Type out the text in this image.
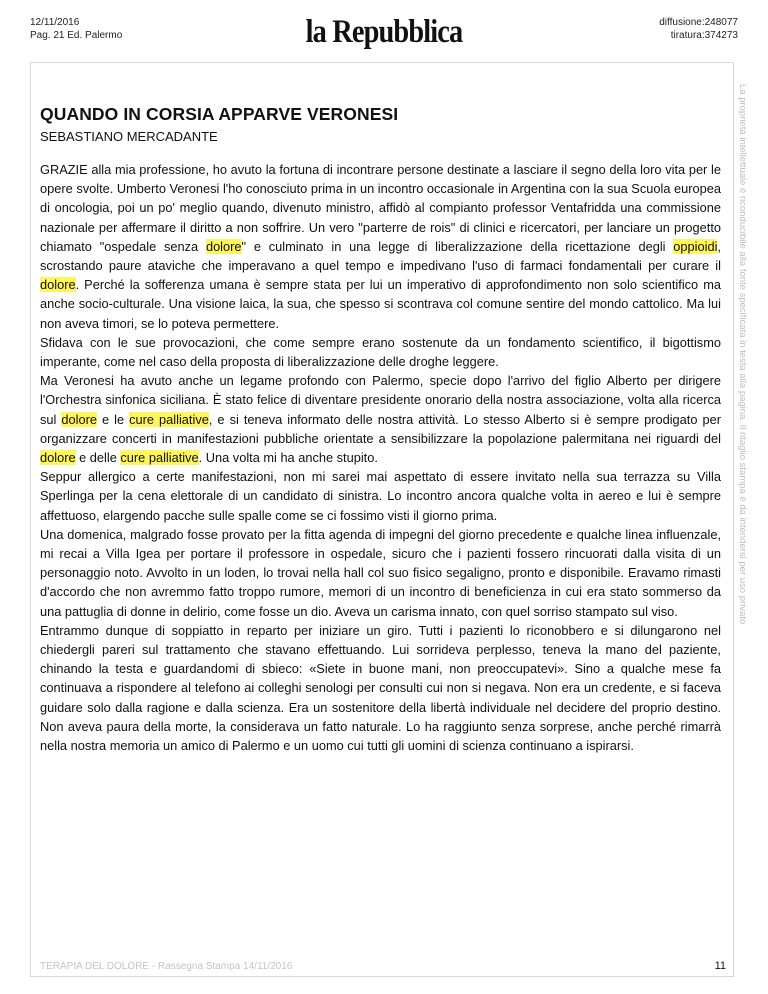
12/11/2016
Pag. 21 Ed. Palermo	la Repubblica	diffusione:248077
tiratura:374273
La proprietà intellettuale è riconducibile alla fonte specificata in testa alla pagina. Il ritaglio stampa è da intendersi per uso privato
QUANDO IN CORSIA APPARVE VERONESI
SEBASTIANO MERCADANTE

GRAZIE alla mia professione, ho avuto la fortuna di incontrare persone destinate a lasciare il segno della loro vita per le opere svolte. Umberto Veronesi l'ho conosciuto prima in un incontro occasionale in Argentina con la sua Scuola europea di oncologia, poi un po' meglio quando, divenuto ministro, affidò al compianto professor Ventafridda una commissione nazionale per affermare il diritto a non soffrire. Un vero "parterre de rois" di clinici e ricercatori, per lanciare un progetto chiamato "ospedale senza dolore" e culminato in una legge di liberalizzazione della ricettazione degli oppioidi, scrostando paure ataviche che imperavano a quel tempo e impedivano l'uso di farmaci fondamentali per curare il dolore. Perché la sofferenza umana è sempre stata per lui un imperativo di approfondimento non solo scientifico ma anche socio-culturale. Una visione laica, la sua, che spesso si scontrava col comune sentire del mondo cattolico. Ma lui non aveva timori, se lo poteva permettere.

Sfidava con le sue provocazioni, che come sempre erano sostenute da un fondamento scientifico, il bigottismo imperante, come nel caso della proposta di liberalizzazione delle droghe leggere.

Ma Veronesi ha avuto anche un legame profondo con Palermo, specie dopo l'arrivo del figlio Alberto per dirigere l'Orchestra sinfonica siciliana. È stato felice di diventare presidente onorario della nostra associazione, volta alla ricerca sul dolore e le cure palliative, e si teneva informato delle nostra attività. Lo stesso Alberto si è sempre prodigato per organizzare concerti in manifestazioni pubbliche orientate a sensibilizzare la popolazione palermitana nei riguardi del dolore e delle cure palliative. Una volta mi ha anche stupito.

Seppur allergico a certe manifestazioni, non mi sarei mai aspettato di essere invitato nella sua terrazza su Villa Sperlinga per la cena elettorale di un candidato di sinistra. Lo incontro ancora qualche volta in aereo e lui è sempre affettuoso, elargendo pacche sulle spalle come se ci fossimo visti il giorno prima.

Una domenica, malgrado fosse provato per la fitta agenda di impegni del giorno precedente e qualche linea influenzale, mi recai a Villa Igea per portare il professore in ospedale, sicuro che i pazienti fossero rincuorati dalla visita di un personaggio noto. Avvolto in un loden, lo trovai nella hall col suo fisico segaligno, pronto e disponibile. Eravamo rimasti d'accordo che non avremmo fatto troppo rumore, memori di un incontro di beneficienza in cui era stato sommerso da una pattuglia di donne in delirio, come fosse un dio. Aveva un carisma innato, con quel sorriso stampato sul viso.

Entrammo dunque di soppiatto in reparto per iniziare un giro. Tutti i pazienti lo riconobbero e si dilungarono nel chiedergli pareri sul trattamento che stavano effettuando. Lui sorrideva perplesso, teneva la mano del paziente, chinando la testa e guardandomi di sbieco: «Siete in buone mani, non preoccupatevi». Sino a qualche mese fa continuava a rispondere al telefono ai colleghi senologi per consulti cui non si negava. Non era un credente, e si faceva guidare solo dalla ragione e dalla scienza. Era un sostenitore della libertà individuale nel decidere del proprio destino. Non aveva paura della morte, la considerava un fatto naturale. Lo ha raggiunto senza sorprese, anche perché rimarrà nella nostra memoria un amico di Palermo e un uomo cui tutti gli uomini di scienza continuano a ispirarsi.

TERAPIA DEL DOLORE - Rassegna Stampa 14/11/2016	11
